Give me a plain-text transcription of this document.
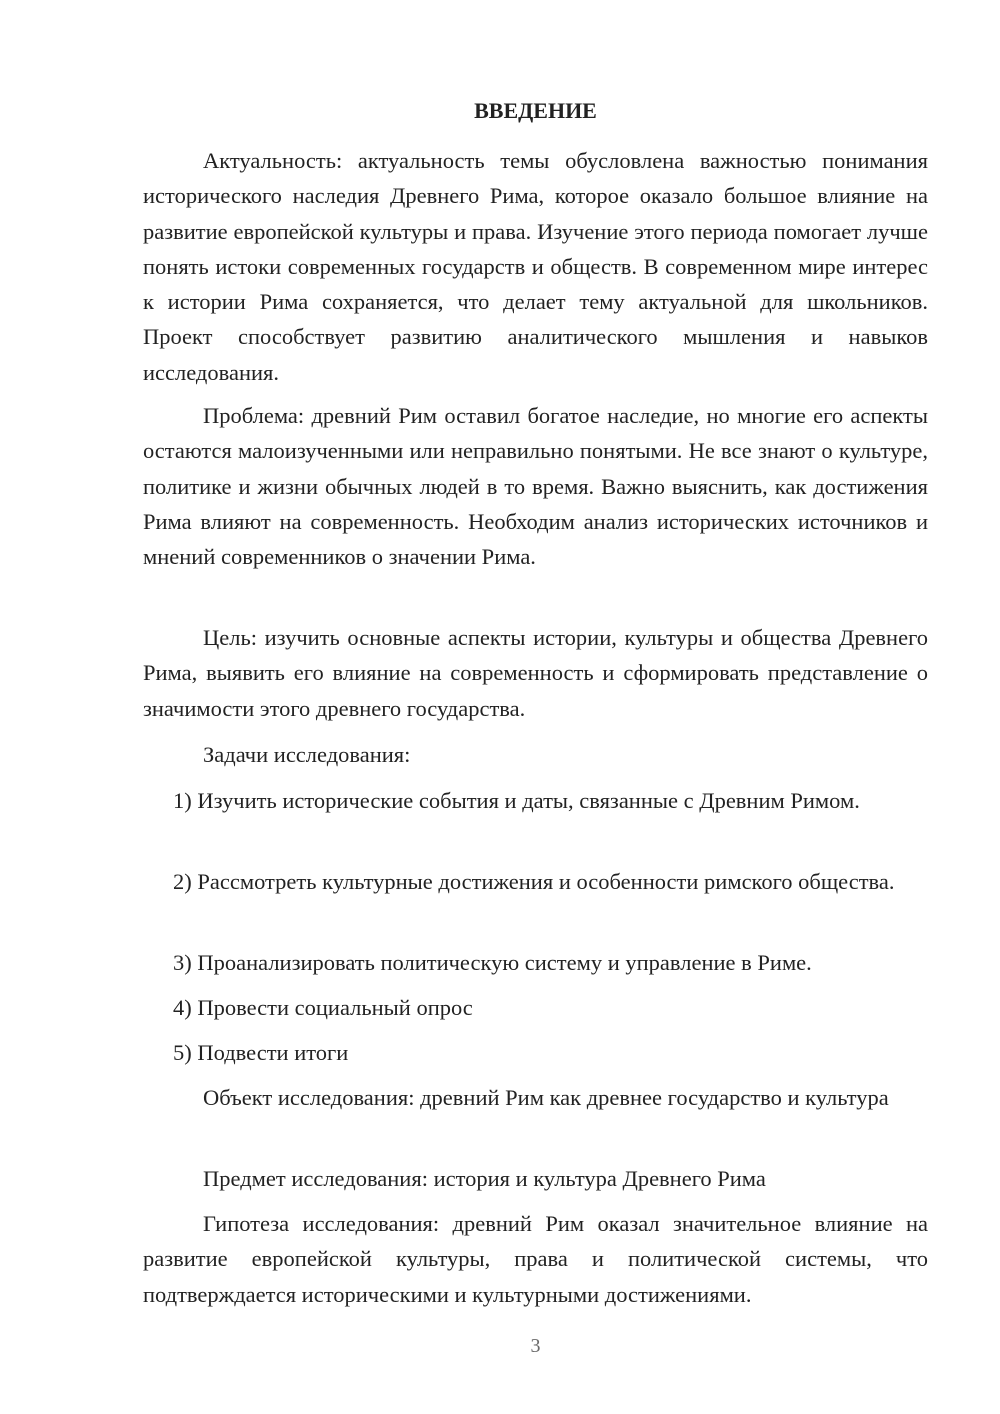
ВВЕДЕНИЕ

Актуальность: актуальность темы обусловлена важностью понимания исторического наследия Древнего Рима, которое оказало большое влияние на развитие европейской культуры и права. Изучение этого периода помогает лучше понять истоки современных государств и обществ. В современном мире интерес к истории Рима сохраняется, что делает тему актуальной для школьников. Проект способствует развитию аналитического мышления и навыков исследования.

Проблема: древний Рим оставил богатое наследие, но многие его аспекты остаются малоизученными или неправильно понятыми. Не все знают о культуре, политике и жизни обычных людей в то время. Важно выяснить, как достижения Рима влияют на современность. Необходим анализ исторических источников и мнений современников о значении Рима.

Цель: изучить основные аспекты истории, культуры и общества Древнего Рима, выявить его влияние на современность и сформировать представление о значимости этого древнего государства.

Задачи исследования:

1) Изучить исторические события и даты, связанные с Древним Римом.

2) Рассмотреть культурные достижения и особенности римского общества.

3) Проанализировать политическую систему и управление в Риме.

4) Провести социальный опрос

5) Подвести итоги

Объект исследования: древний Рим как древнее государство и культура

Предмет исследования: история и культура Древнего Рима

Гипотеза исследования: древний Рим оказал значительное влияние на развитие европейской культуры, права и политической системы, что подтверждается историческими и культурными достижениями.

3
